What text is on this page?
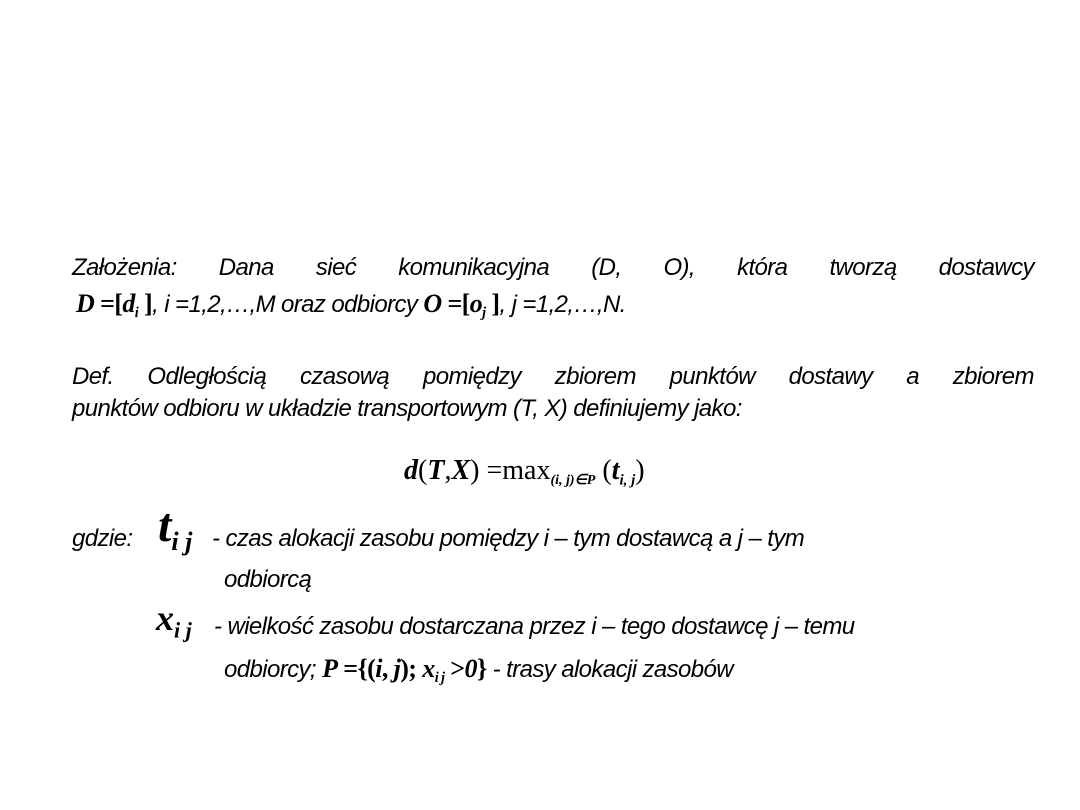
Założenia: Dana sieć komunikacyjna (D, O), która tworzą dostawcy
$D =[d_i$ ], i =1,2,…,M oraz odbiorcy $O =[o_j$ ], j =1,2,…,N.
Def. Odległością czasową pomiędzy zbiorem punktów dostawy a zbiorem
punktów odbioru w układzie transportowym (T, X) definiujemy jako:
$d(T,X) =\max_{(i, j)\in P}$ $(t_{i, j})$
gdzie: $t_{i j}$ - czas alokacji zasobu pomiędzy i – tym dostawcą a j – tym
odbiorcą
$x_{i j}$ - wielkość zasobu dostarczana przez i – tego dostawcę j – temu
odbiorcy; P ={(i, j); $x_{i j} >0$} - trasy alokacji zasobów
